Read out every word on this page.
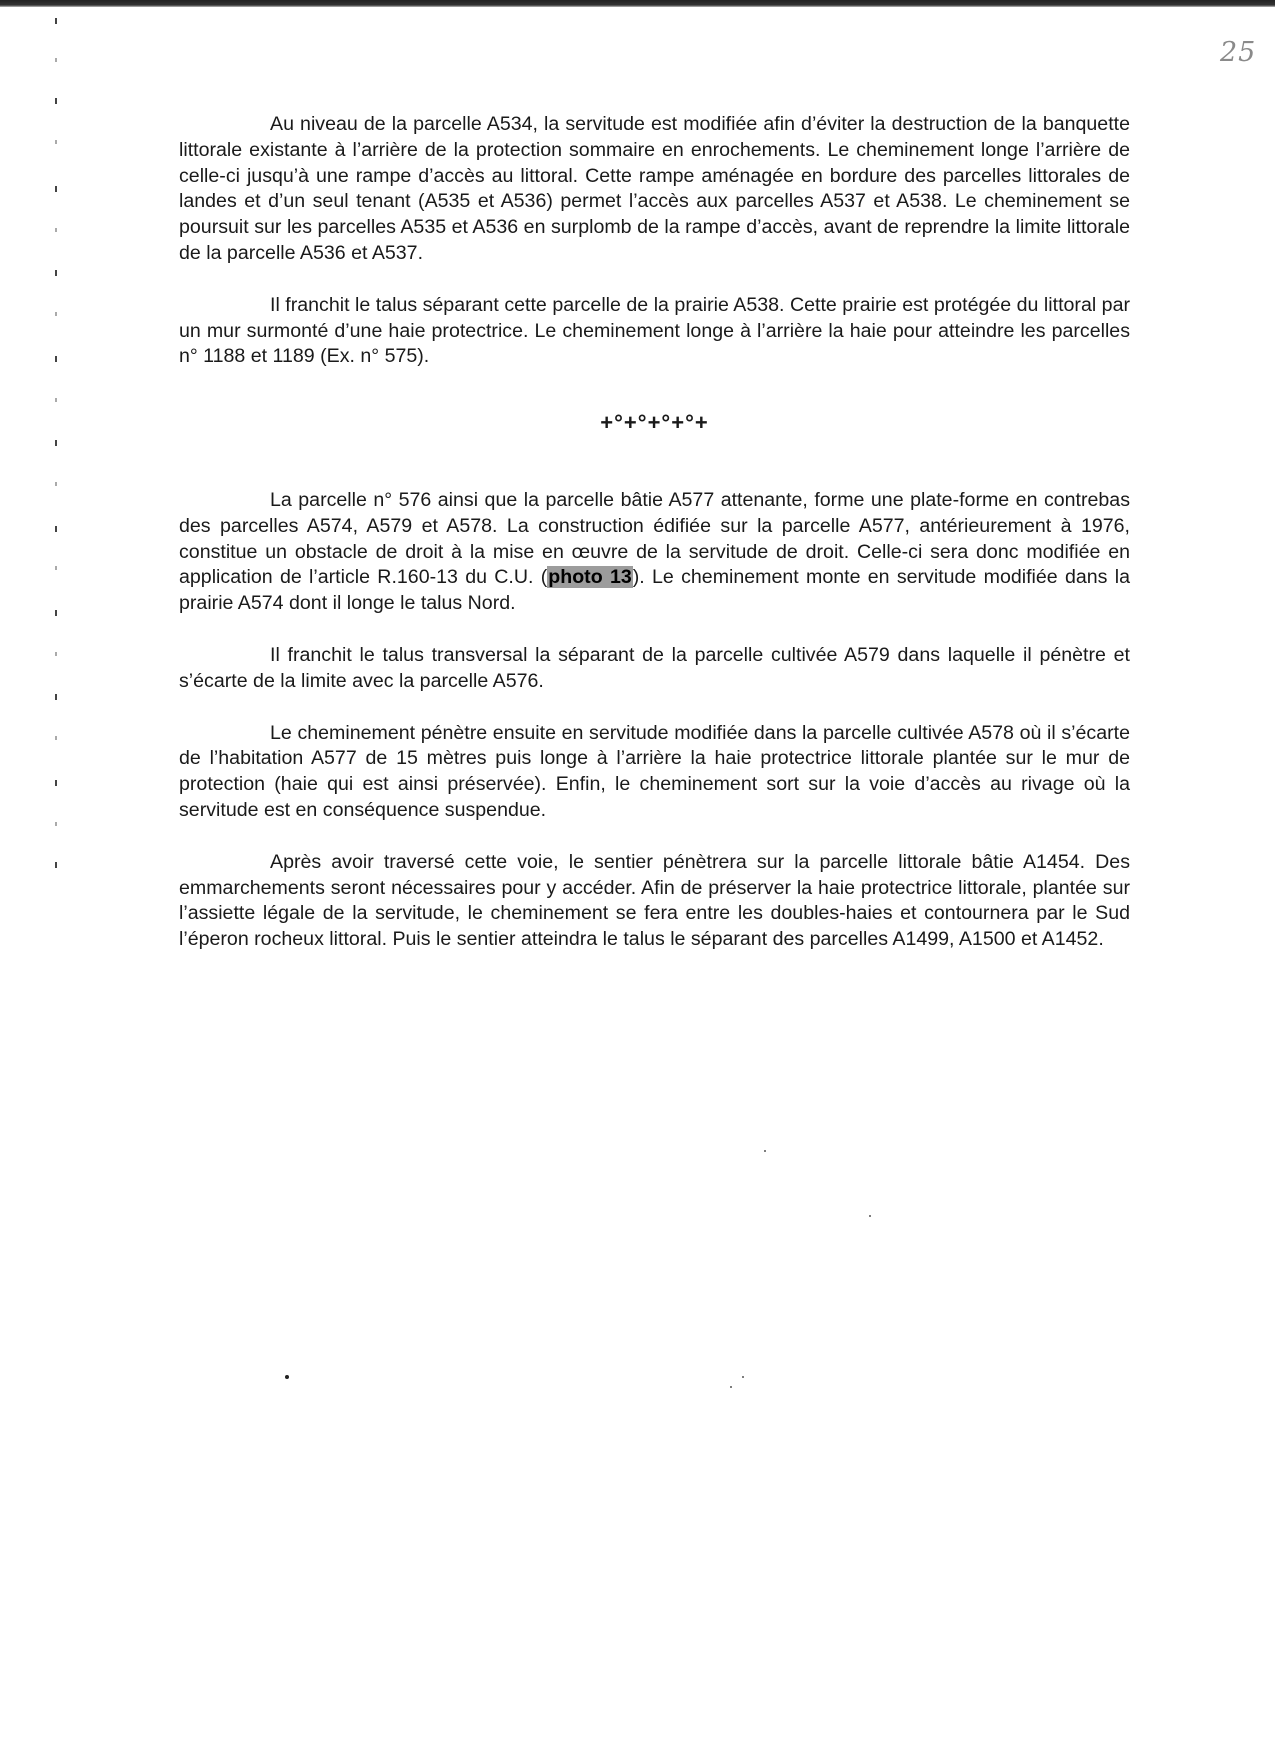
25

Au niveau de la parcelle A534, la servitude est modifiée afin d’éviter la destruction de la banquette littorale existante à l’arrière de la protection sommaire en enrochements. Le cheminement longe l’arrière de celle-ci jusqu’à une rampe d’accès au littoral. Cette rampe aménagée en bordure des parcelles littorales de landes et d’un seul tenant (A535 et A536) permet l’accès aux parcelles A537 et A538. Le cheminement se poursuit sur les parcelles A535 et A536 en surplomb de la rampe d’accès, avant de reprendre la limite littorale de la parcelle A536 et A537.

Il franchit le talus séparant cette parcelle de la prairie A538. Cette prairie est protégée du littoral par un mur surmonté d’une haie protectrice. Le cheminement longe à l’arrière la haie pour atteindre les parcelles n° 1188 et 1189 (Ex. n° 575).

+°+°+°+°+

La parcelle n° 576 ainsi que la parcelle bâtie A577 attenante, forme une plate-forme en contrebas des parcelles A574, A579 et A578. La construction édifiée sur la parcelle A577, antérieurement à 1976, constitue un obstacle de droit à la mise en œuvre de la servitude de droit. Celle-ci sera donc modifiée en application de l’article R.160-13 du C.U. (photo 13). Le cheminement monte en servitude modifiée dans la prairie A574 dont il longe le talus Nord.

Il franchit le talus transversal la séparant de la parcelle cultivée A579 dans laquelle il pénètre et s’écarte de la limite avec la parcelle A576.

Le cheminement pénètre ensuite en servitude modifiée dans la parcelle cultivée A578 où il s’écarte de l’habitation A577 de 15 mètres puis longe à l’arrière la haie protectrice littorale plantée sur le mur de protection (haie qui est ainsi préservée). Enfin, le cheminement sort sur la voie d’accès au rivage où la servitude est en conséquence suspendue.

Après avoir traversé cette voie, le sentier pénètrera sur la parcelle littorale bâtie A1454. Des emmarchements seront nécessaires pour y accéder. Afin de préserver la haie protectrice littorale, plantée sur l’assiette légale de la servitude, le cheminement se fera entre les doubles-haies et contournera par le Sud l’éperon rocheux littoral. Puis le sentier atteindra le talus le séparant des parcelles A1499, A1500 et A1452.
